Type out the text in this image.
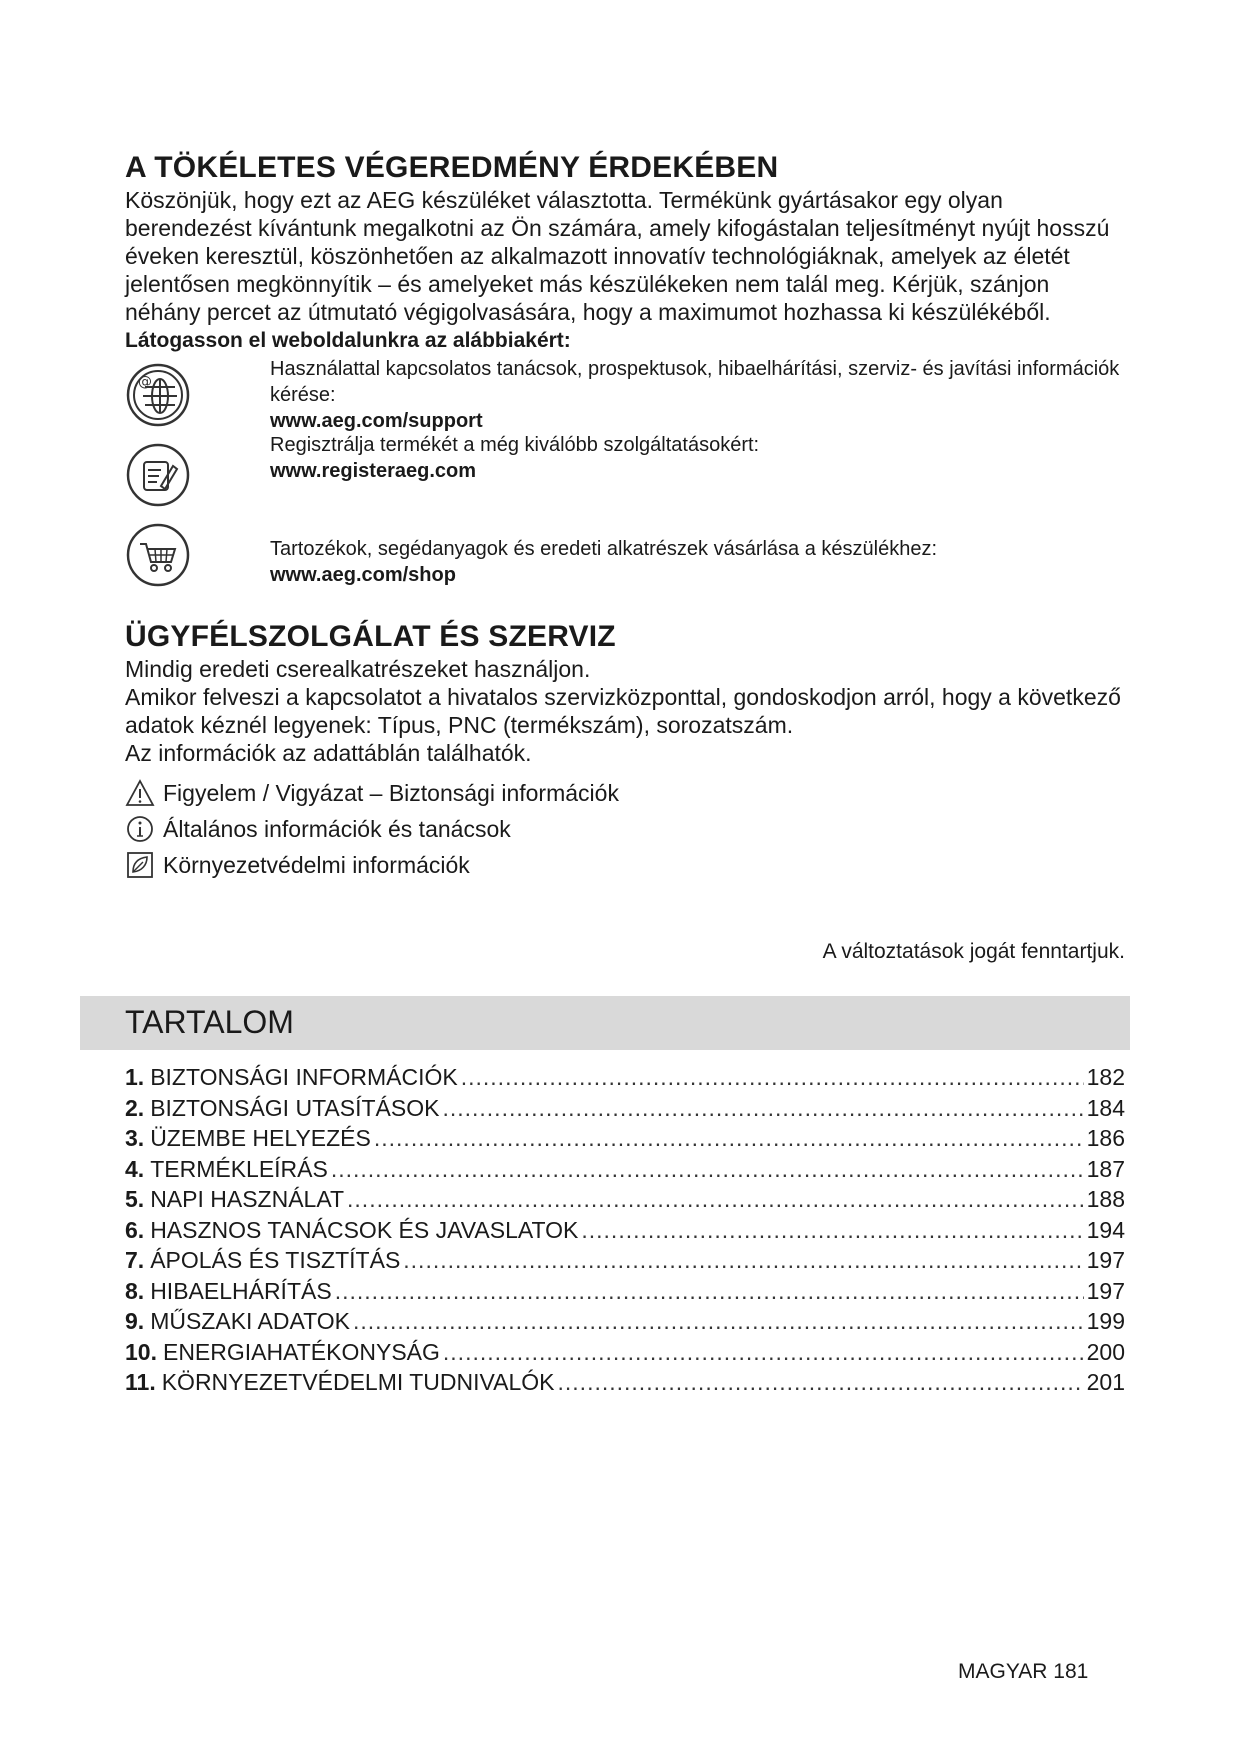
A TÖKÉLETES VÉGEREDMÉNY ÉRDEKÉBEN

Köszönjük, hogy ezt az AEG készüléket választotta. Termékünk gyártásakor egy olyan berendezést kívántunk megalkotni az Ön számára, amely kifogástalan teljesítményt nyújt hosszú éveken keresztül, köszönhetően az alkalmazott innovatív technológiáknak, amelyek az életét jelentősen megkönnyítik – és amelyeket más készülékeken nem talál meg. Kérjük, szánjon néhány percet az útmutató végigolvasására, hogy a maximumot hozhassa ki készülékéből.

Látogasson el weboldalunkra az alábbiakért:
@
Használattal kapcsolatos tanácsok, prospektusok, hibaelhárítási, szerviz- és javítási információk kérése:
www.aeg.com/support
Regisztrálja termékét a még kiválóbb szolgáltatásokért:
www.registeraeg.com
Tartozékok, segédanyagok és eredeti alkatrészek vásárlása a készülékhez:
www.aeg.com/shop
ÜGYFÉLSZOLGÁLAT ÉS SZERVIZ

Mindig eredeti cserealkatrészeket használjon.

Amikor felveszi a kapcsolatot a hivatalos szervizközponttal, gondoskodjon arról, hogy a következő adatok kéznél legyenek: Típus, PNC (termékszám), sorozatszám.

Az információk az adattáblán találhatók.

Figyelem / Vigyázat – Biztonsági információk
Általános információk és tanácsok
Környezetvédelmi információk
A változtatások jogát fenntartjuk.
TARTALOM
1. BIZTONSÁGI INFORMÁCIÓK .....	182
2. BIZTONSÁGI UTASÍTÁSOK .....	184
3. ÜZEMBE HELYEZÉS .....	186
4. TERMÉKLEÍRÁS .....	187
5. NAPI HASZNÁLAT .....	188
6. HASZNOS TANÁCSOK ÉS JAVASLATOK .....	194
7. ÁPOLÁS ÉS TISZTÍTÁS .....	197
8. HIBAELHÁRÍTÁS .....	197
9. MŰSZAKI ADATOK .....	199
10. ENERGIAHATÉKONYSÁG .....	200
11. KÖRNYEZETVÉDELMI TUDNIVALÓK .....	201
MAGYAR 181
